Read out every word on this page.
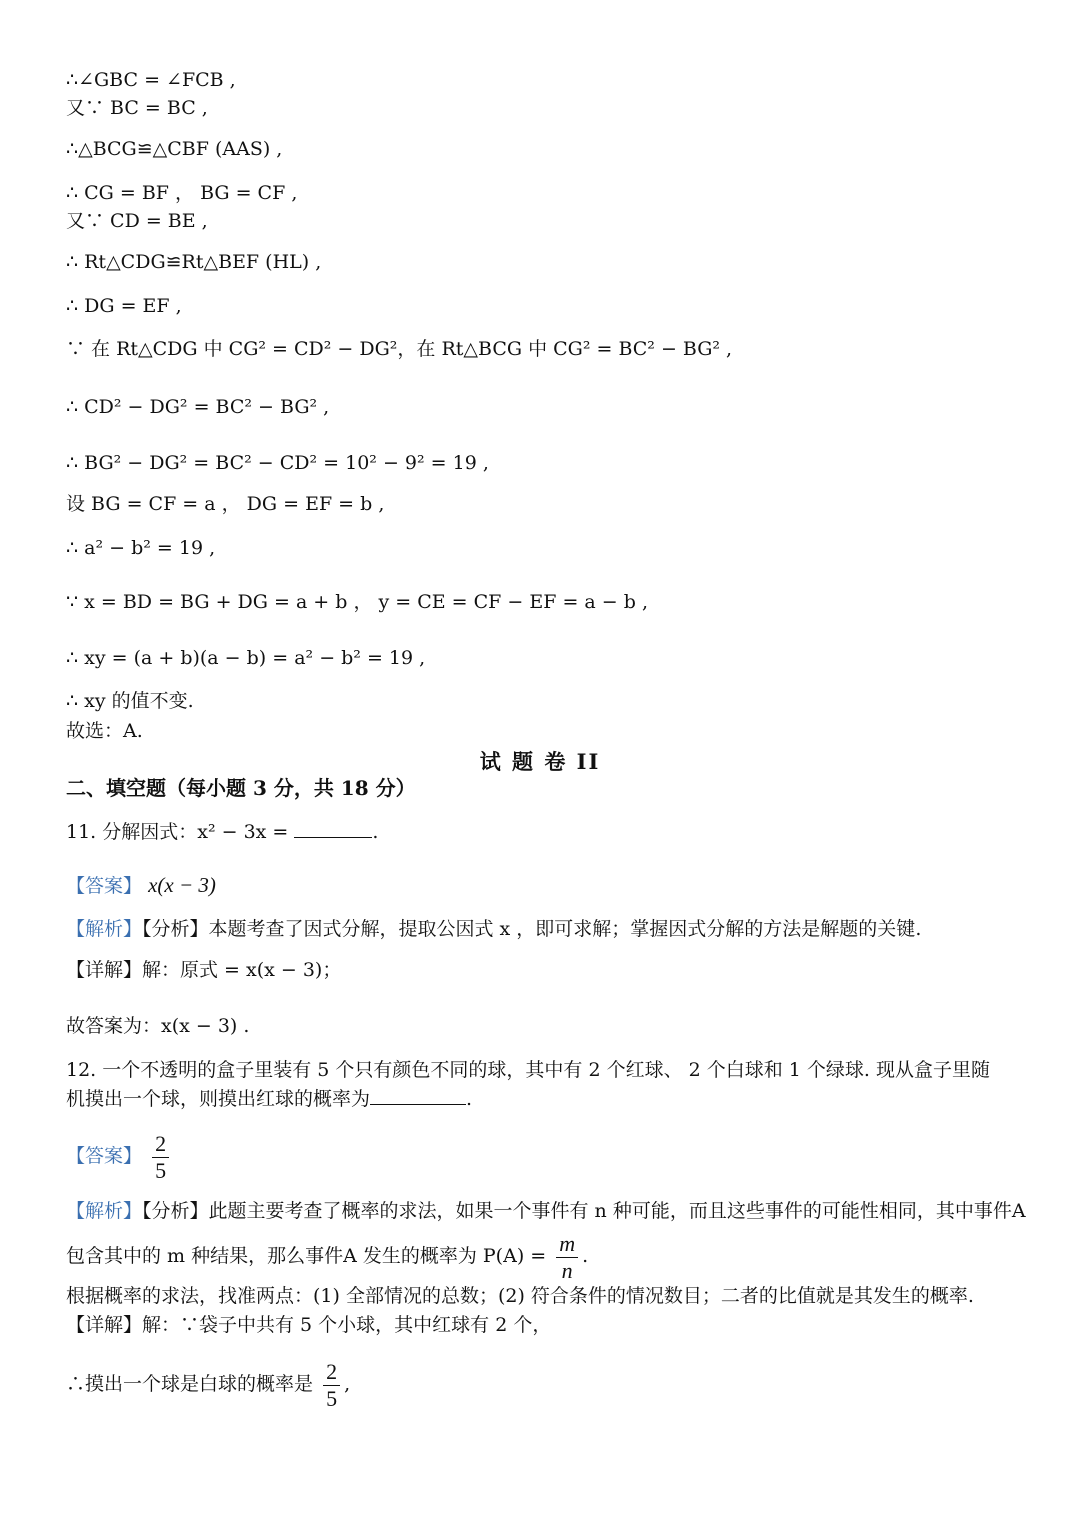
∴∠GBC = ∠FCB ,
又∵ BC = BC ,
∴△BCG≌△CBF (AAS) ,
∴ CG = BF ， BG = CF ,
又∵ CD = BE ,
∴ Rt△CDG≌Rt△BEF (HL) ,
∴ DG = EF ,
∵ 在 Rt△CDG 中 CG² = CD² − DG²，在 Rt△BCG 中 CG² = BC² − BG² ,
∴ CD² − DG² = BC² − BG² ,
∴ BG² − DG² = BC² − CD² = 10² − 9² = 19 ,
设 BG = CF = a ， DG = EF = b ,
∴ a² − b² = 19 ,
∵ x = BD = BG + DG = a + b ， y = CE = CF − EF = a − b ,
∴ xy = (a + b)(a − b) = a² − b² = 19 ,
∴ xy 的值不变.
故选：A.
试 题 卷 II
二、填空题（每小题 3 分，共 18 分）
11. 分解因式：x² − 3x =	.
【答案】 x(x − 3)
【解析】【分析】本题考查了因式分解，提取公因式 x ，即可求解；掌握因式分解的方法是解题的关键.
【详解】解：原式 = x(x − 3)；
故答案为：x(x − 3) .
12. 一个不透明的盒子里装有 5 个只有颜色不同的球，其中有 2 个红球、 2 个白球和 1 个绿球. 现从盒子里随
机摸出一个球，则摸出红球的概率为	.
【答案】 $\frac{2}{5}$
【解析】【分析】此题主要考查了概率的求法，如果一个事件有 n 种可能，而且这些事件的可能性相同，其中事件A
包含其中的 m 种结果，那么事件A 发生的概率为 $P(A) = \frac{m}{n}$ .
根据概率的求法，找准两点：(1) 全部情况的总数；(2) 符合条件的情况数目；二者的比值就是其发生的概率.
【详解】解：∵袋子中共有 5 个小球，其中红球有 2 个，
∴摸出一个球是白球的概率是 $\frac{2}{5}$ ,
